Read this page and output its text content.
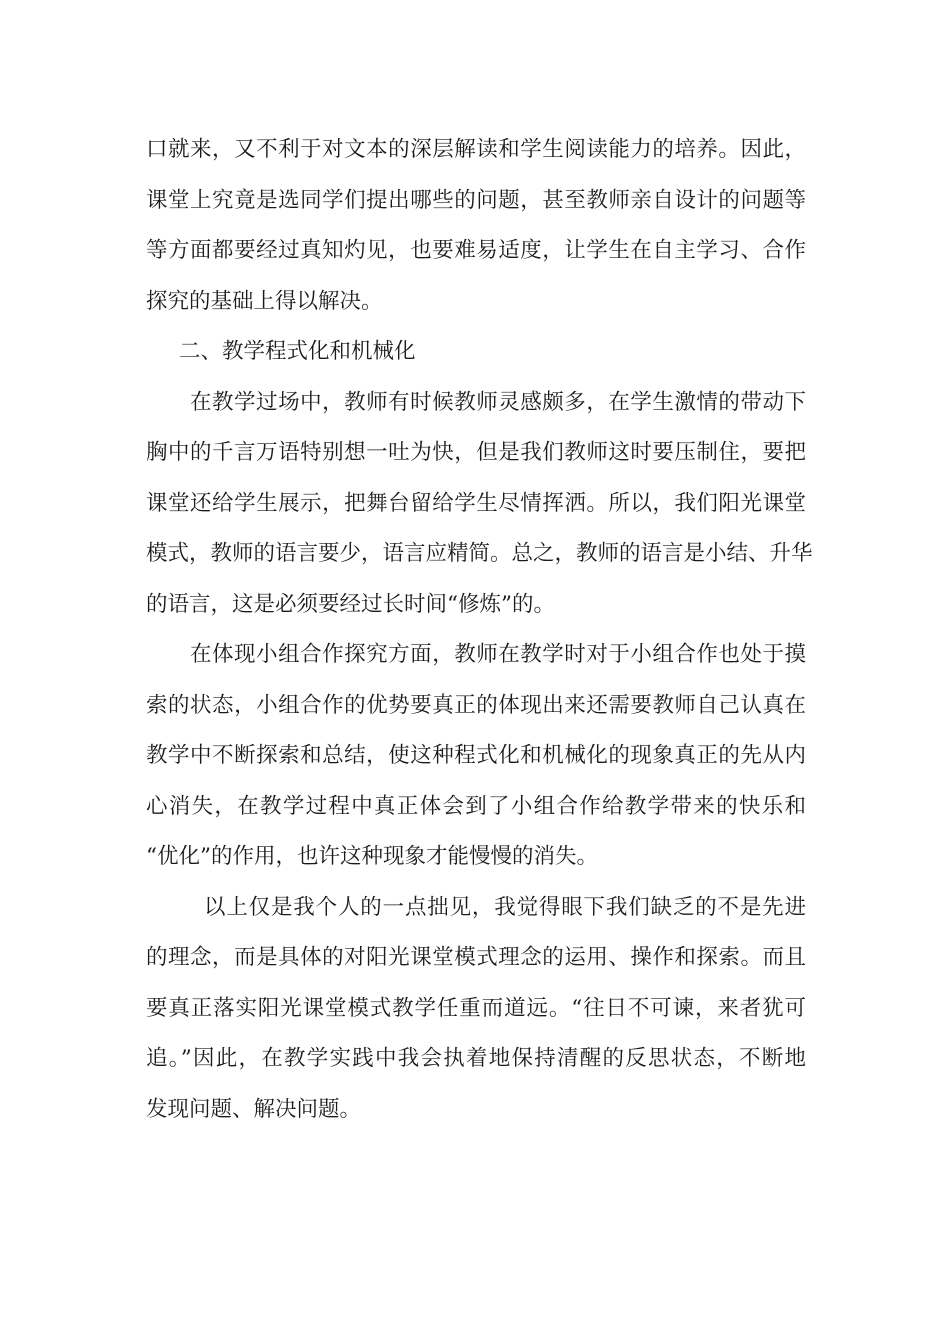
口就来，又不利于对文本的深层解读和学生阅读能力的培养。因此，
课堂上究竟是选同学们提出哪些的问题，甚至教师亲自设计的问题等
等方面都要经过真知灼见，也要难易适度，让学生在自主学习、合作
探究的基础上得以解决。
二、教学程式化和机械化
在教学过场中，教师有时候教师灵感颇多，在学生激情的带动下
胸中的千言万语特别想一吐为快，但是我们教师这时要压制住，要把
课堂还给学生展示，把舞台留给学生尽情挥洒。所以，我们阳光课堂
模式，教师的语言要少，语言应精简。总之，教师的语言是小结、升华
的语言，这是必须要经过长时间“修炼”的。
在体现小组合作探究方面，教师在教学时对于小组合作也处于摸
索的状态，小组合作的优势要真正的体现出来还需要教师自己认真在
教学中不断探索和总结，使这种程式化和机械化的现象真正的先从内
心消失，在教学过程中真正体会到了小组合作给教学带来的快乐和
“优化”的作用，也许这种现象才能慢慢的消失。
以上仅是我个人的一点拙见，我觉得眼下我们缺乏的不是先进
的理念，而是具体的对阳光课堂模式理念的运用、操作和探索。而且
要真正落实阳光课堂模式教学任重而道远。“往日不可谏，来者犹可
追。”因此，在教学实践中我会执着地保持清醒的反思状态，不断地
发现问题、解决问题。
